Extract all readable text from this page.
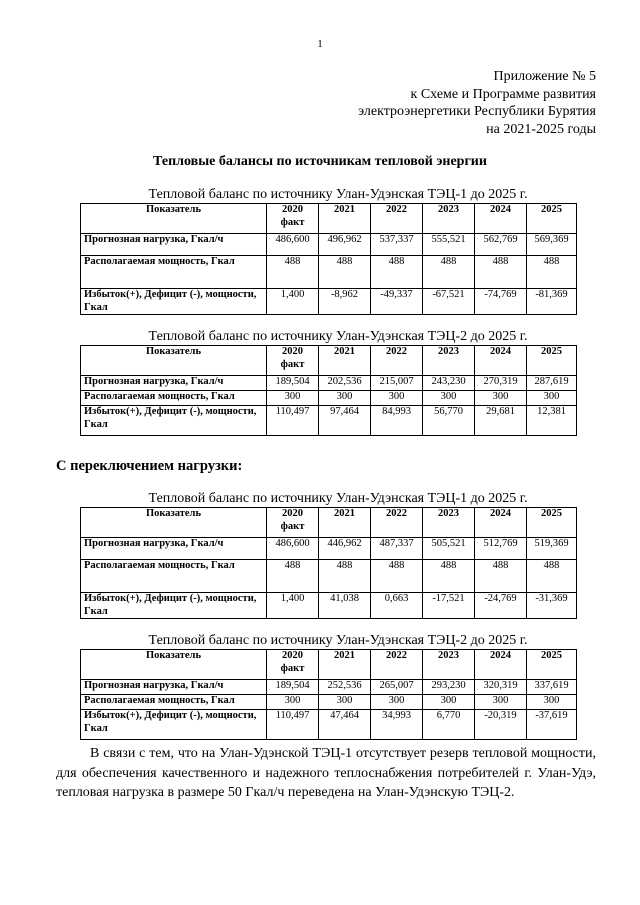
1
Приложение № 5
к Схеме и Программе развития
электроэнергетики Республики Бурятия
на 2021-2025 годы
Тепловые балансы по источникам тепловой энергии
Тепловой баланс по источнику Улан-Удэнская ТЭЦ-1 до 2025 г.
Показатель	2020 факт	2021	2022	2023	2024	2025
Прогнозная нагрузка, Гкал/ч	486,600	496,962	537,337	555,521	562,769	569,369
Располагаемая мощность, Гкал	488	488	488	488	488	488
Избыток(+), Дефицит (-), мощности, Гкал	1,400	-8,962	-49,337	-67,521	-74,769	-81,369
Тепловой баланс по источнику Улан-Удэнская ТЭЦ-2 до 2025 г.
Показатель	2020 факт	2021	2022	2023	2024	2025
Прогнозная нагрузка, Гкал/ч	189,504	202,536	215,007	243,230	270,319	287,619
Располагаемая мощность, Гкал	300	300	300	300	300	300
Избыток(+), Дефицит (-), мощности, Гкал	110,497	97,464	84,993	56,770	29,681	12,381
С переключением нагрузки:
Тепловой баланс по источнику Улан-Удэнская ТЭЦ-1 до 2025 г.
Показатель	2020 факт	2021	2022	2023	2024	2025
Прогнозная нагрузка, Гкал/ч	486,600	446,962	487,337	505,521	512,769	519,369
Располагаемая мощность, Гкал	488	488	488	488	488	488
Избыток(+), Дефицит (-), мощности, Гкал	1,400	41,038	0,663	-17,521	-24,769	-31,369
Тепловой баланс по источнику Улан-Удэнская ТЭЦ-2 до 2025 г.
Показатель	2020 факт	2021	2022	2023	2024	2025
Прогнозная нагрузка, Гкал/ч	189,504	252,536	265,007	293,230	320,319	337,619
Располагаемая мощность, Гкал	300	300	300	300	300	300
Избыток(+), Дефицит (-), мощности, Гкал	110,497	47,464	34,993	6,770	-20,319	-37,619

В связи с тем, что на Улан-Удэнской ТЭЦ-1 отсутствует резерв тепловой мощности, для обеспечения качественного и надежного теплоснабжения потребителей г. Улан-Удэ, тепловая нагрузка в размере 50 Гкал/ч переведена на Улан-Удэнскую ТЭЦ-2.
